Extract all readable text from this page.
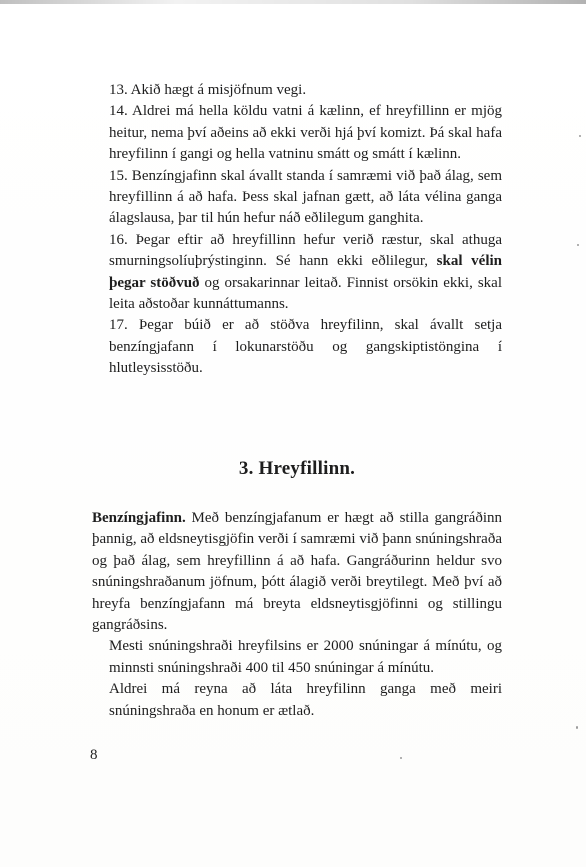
13. Akið hægt á misjöfnum vegi.

14. Aldrei má hella köldu vatni á kælinn, ef hreyfillinn er mjög heitur, nema því aðeins að ekki verði hjá því komizt. Þá skal hafa hreyfilinn í gangi og hella vatninu smátt og smátt í kælinn.

15. Benzíngjafinn skal ávallt standa í samræmi við það álag, sem hreyfillinn á að hafa. Þess skal jafnan gætt, að láta vélina ganga álagslausa, þar til hún hefur náð eðlilegum ganghita.

16. Þegar eftir að hreyfillinn hefur verið ræstur, skal athuga smurningsolíuþrýstinginn. Sé hann ekki eðlilegur, skal vélin þegar stöðvuð og orsakarinnar leitað. Finnist orsökin ekki, skal leita aðstoðar kunnáttumanns.

17. Þegar búið er að stöðva hreyfilinn, skal ávallt setja benzíngjafann í lokunarstöðu og gangskiptistöngina í hlutleysisstöðu.

3. Hreyfillinn.

Benzíngjafinn. Með benzíngjafanum er hægt að stilla gangráðinn þannig, að eldsneytisgjöfin verði í samræmi við þann snúningshraða og það álag, sem hreyfillinn á að hafa. Gangráðurinn heldur svo snúningshraðanum jöfnum, þótt álagið verði breytilegt. Með því að hreyfa benzíngjafann má breyta eldsneytisgjöfinni og stillingu gangráðsins.

Mesti snúningshraði hreyfilsins er 2000 snúningar á mínútu, og minnsti snúningshraði 400 til 450 snúningar á mínútu.

Aldrei má reyna að láta hreyfilinn ganga með meiri snúningshraða en honum er ætlað.

8
